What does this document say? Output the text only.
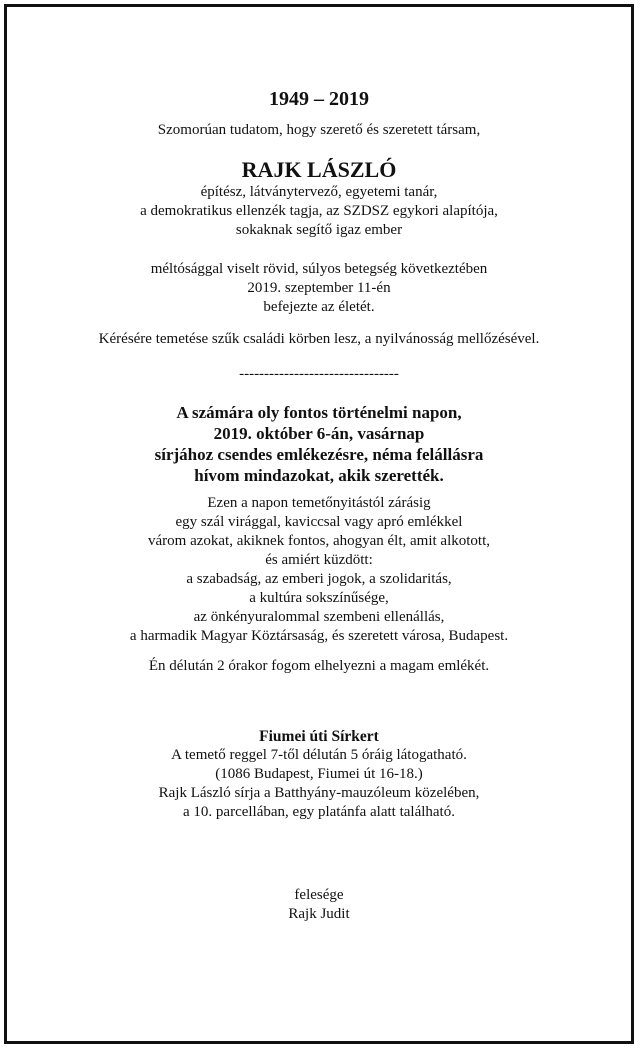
1949 – 2019
Szomorúan tudatom, hogy szerető és szeretett társam,
RAJK LÁSZLÓ
építész, látványtervező, egyetemi tanár,
a demokratikus ellenzék tagja, az SZDSZ egykori alapítója,
sokaknak segítő igaz ember
méltósággal viselt rövid, súlyos betegség következtében
2019. szeptember 11-én
befejezte az életét.
Kérésére temetése szűk családi körben lesz, a nyilvánosság mellőzésével.
--------------------------------
A számára oly fontos történelmi napon,
2019. október 6-án, vasárnap
sírjához csendes emlékezésre, néma felállásra
hívom mindazokat, akik szerették.
Ezen a napon temetőnyitástól zárásig
egy szál virággal, kaviccsal vagy apró emlékkel
várom azokat, akiknek fontos, ahogyan élt, amit alkotott,
és amiért küzdött:
a szabadság, az emberi jogok, a szolidaritás,
a kultúra sokszínűsége,
az önkényuralommal szembeni ellenállás,
a harmadik Magyar Köztársaság, és szeretett városa, Budapest.
Én délután 2 órakor fogom elhelyezni a magam emlékét.
Fiumei úti Sírkert
A temető reggel 7-től délután 5 óráig látogatható.
(1086 Budapest, Fiumei út 16-18.)
Rajk László sírja a Batthyány-mauzóleum közelében,
a 10. parcellában, egy platánfa alatt található.
felesége
Rajk Judit
